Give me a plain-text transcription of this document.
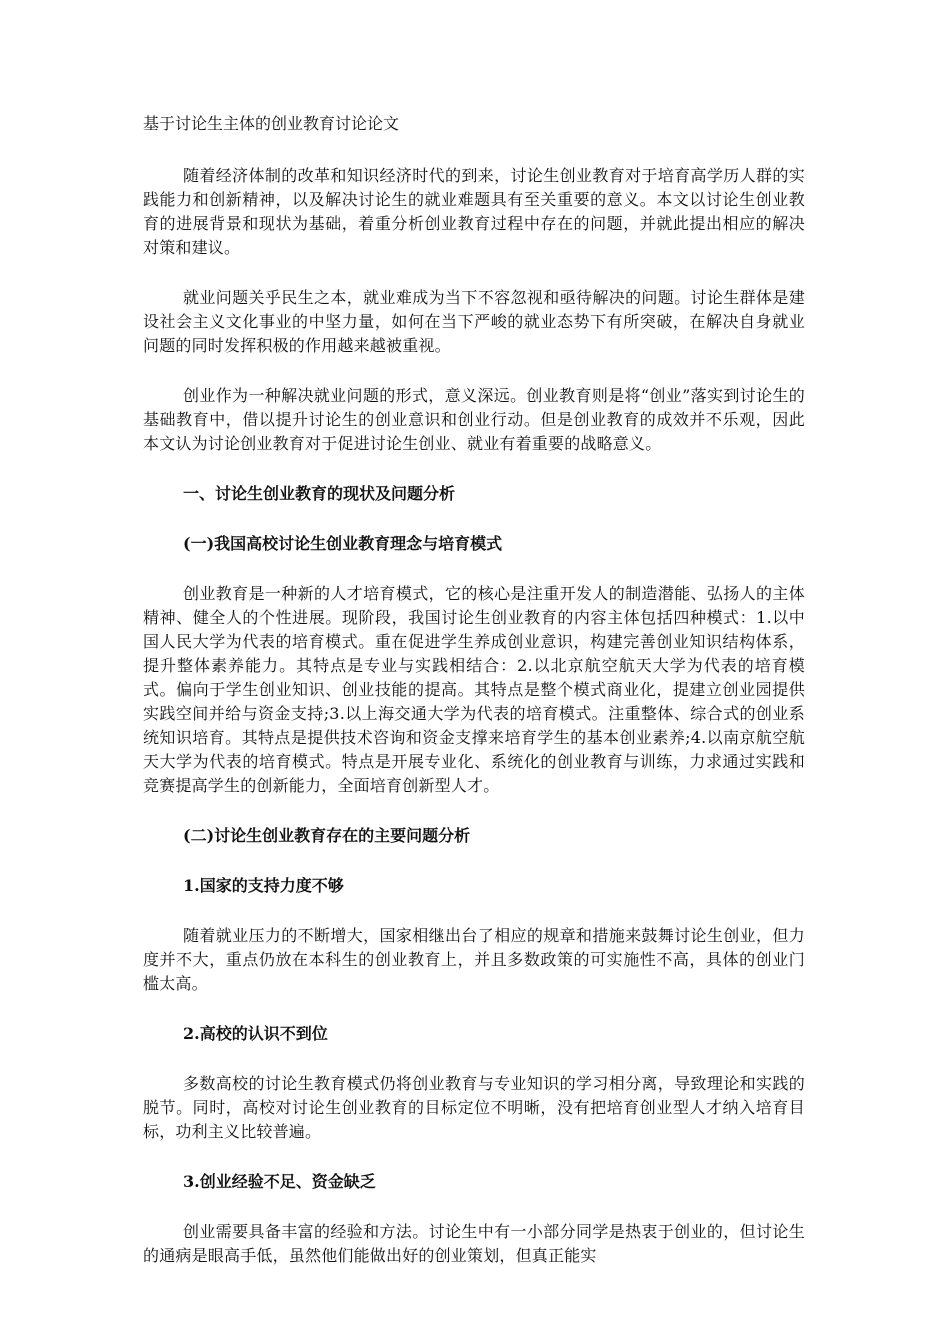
基于讨论生主体的创业教育讨论论文

随着经济体制的改革和知识经济时代的到来，讨论生创业教育对于培育高学历人群的实践能力和创新精神，以及解决讨论生的就业难题具有至关重要的意义。本文以讨论生创业教育的进展背景和现状为基础，着重分析创业教育过程中存在的问题，并就此提出相应的解决对策和建议。

就业问题关乎民生之本，就业难成为当下不容忽视和亟待解决的问题。讨论生群体是建设社会主义文化事业的中坚力量，如何在当下严峻的就业态势下有所突破，在解决自身就业问题的同时发挥积极的作用越来越被重视。

创业作为一种解决就业问题的形式，意义深远。创业教育则是将“创业”落实到讨论生的基础教育中，借以提升讨论生的创业意识和创业行动。但是创业教育的成效并不乐观，因此本文认为讨论创业教育对于促进讨论生创业、就业有着重要的战略意义。

一、讨论生创业教育的现状及问题分析
(一)我国高校讨论生创业教育理念与培育模式

创业教育是一种新的人才培育模式，它的核心是注重开发人的制造潜能、弘扬人的主体精神、健全人的个性进展。现阶段，我国讨论生创业教育的内容主体包括四种模式：1.以中国人民大学为代表的培育模式。重在促进学生养成创业意识，构建完善创业知识结构体系，提升整体素养能力。其特点是专业与实践相结合：2.以北京航空航天大学为代表的培育模式。偏向于学生创业知识、创业技能的提高。其特点是整个模式商业化，提建立创业园提供实践空间并给与资金支持;3.以上海交通大学为代表的培育模式。注重整体、综合式的创业系统知识培育。其特点是提供技术咨询和资金支撑来培育学生的基本创业素养;4.以南京航空航天大学为代表的培育模式。特点是开展专业化、系统化的创业教育与训练，力求通过实践和竞赛提高学生的创新能力，全面培育创新型人才。

(二)讨论生创业教育存在的主要问题分析
1.国家的支持力度不够

随着就业压力的不断增大，国家相继出台了相应的规章和措施来鼓舞讨论生创业，但力度并不大，重点仍放在本科生的创业教育上，并且多数政策的可实施性不高，具体的创业门槛太高。

2.高校的认识不到位

多数高校的讨论生教育模式仍将创业教育与专业知识的学习相分离，导致理论和实践的脱节。同时，高校对讨论生创业教育的目标定位不明晰，没有把培育创业型人才纳入培育目标，功利主义比较普遍。

3.创业经验不足、资金缺乏

创业需要具备丰富的经验和方法。讨论生中有一小部分同学是热衷于创业的，但讨论生的通病是眼高手低，虽然他们能做出好的创业策划，但真正能实
